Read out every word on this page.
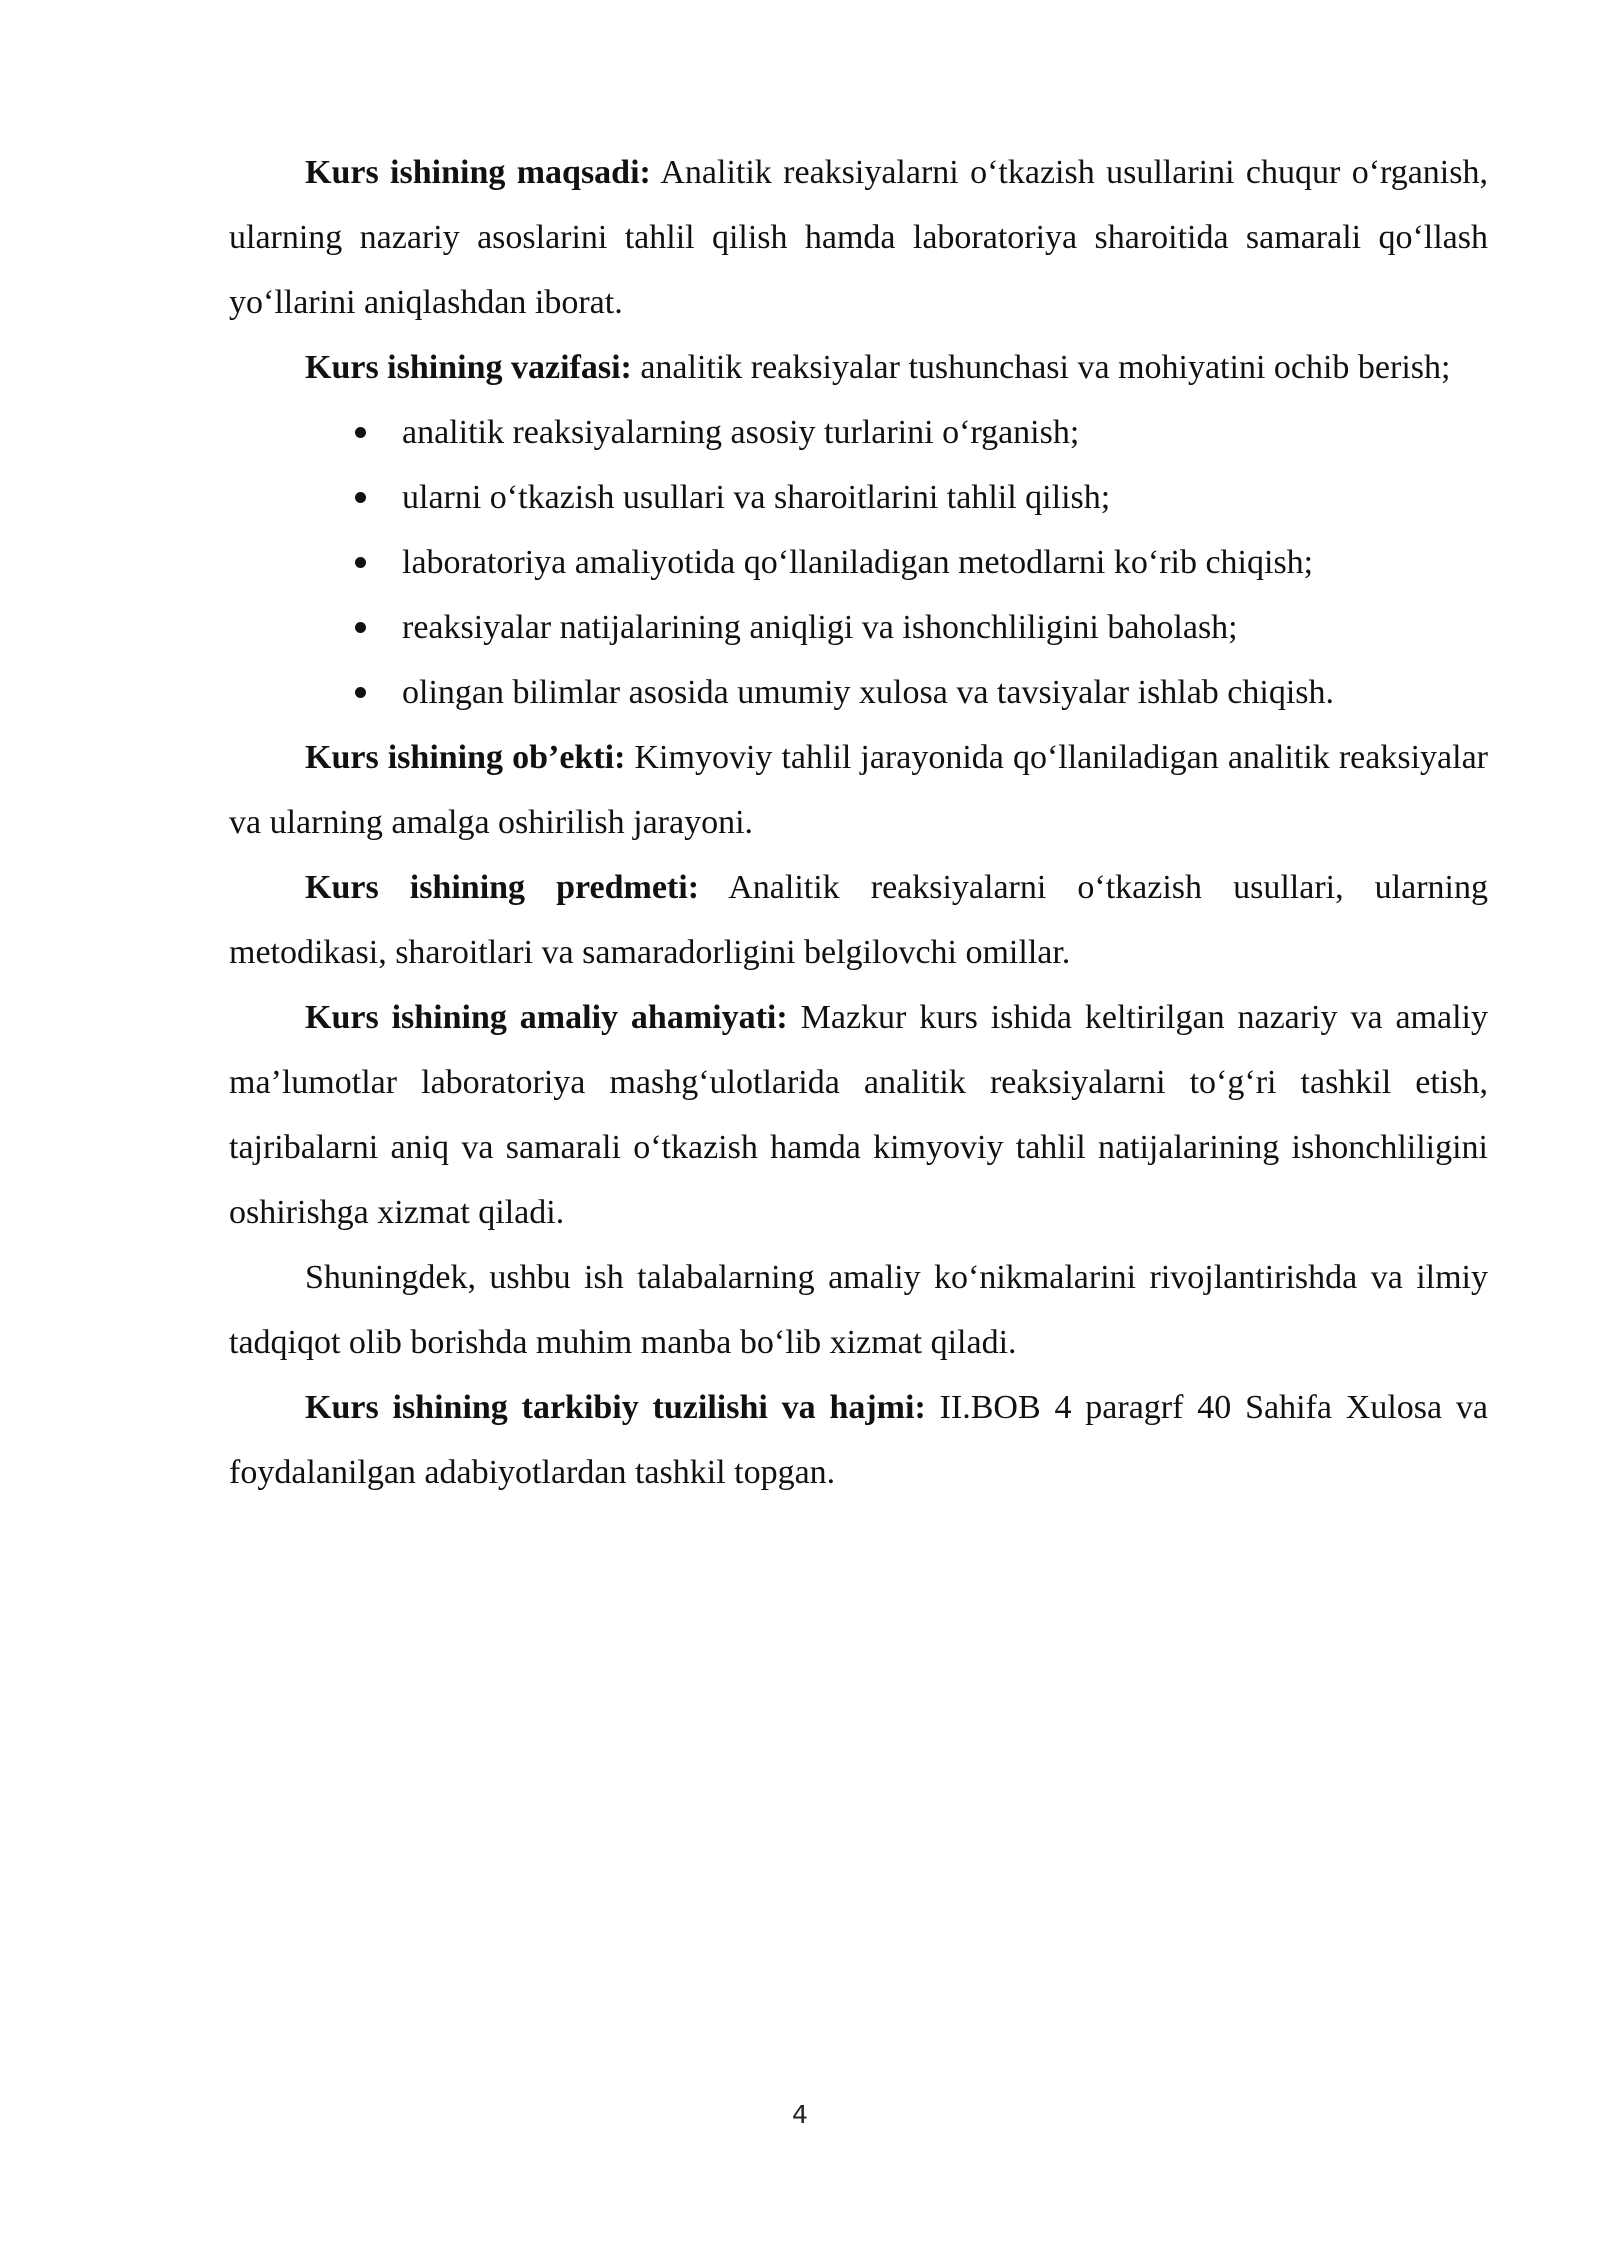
Kurs ishining maqsadi: Analitik reaksiyalarni oʻtkazish usullarini chuqur oʻrganish, ularning nazariy asoslarini tahlil qilish hamda laboratoriya sharoitida samarali qoʻllash yoʻllarini aniqlashdan iborat.

Kurs ishining vazifasi: analitik reaksiyalar tushunchasi va mohiyatini ochib berish;

analitik reaksiyalarning asosiy turlarini oʻrganish;
ularni oʻtkazish usullari va sharoitlarini tahlil qilish;
laboratoriya amaliyotida qoʻllaniladigan metodlarni koʻrib chiqish;
reaksiyalar natijalarining aniqligi va ishonchliligini baholash;
olingan bilimlar asosida umumiy xulosa va tavsiyalar ishlab chiqish.

Kurs ishining ob’ekti: Kimyoviy tahlil jarayonida qoʻllaniladigan analitik reaksiyalar va ularning amalga oshirilish jarayoni.

Kurs ishining predmeti: Analitik reaksiyalarni oʻtkazish usullari, ularning metodikasi, sharoitlari va samaradorligini belgilovchi omillar.

Kurs ishining amaliy ahamiyati: Mazkur kurs ishida keltirilgan nazariy va amaliy ma’lumotlar laboratoriya mashgʻulotlarida analitik reaksiyalarni toʻgʻri tashkil etish, tajribalarni aniq va samarali oʻtkazish hamda kimyoviy tahlil natijalarining ishonchliligini oshirishga xizmat qiladi.

Shuningdek, ushbu ish talabalarning amaliy koʻnikmalarini rivojlantirishda va ilmiy tadqiqot olib borishda muhim manba boʻlib xizmat qiladi.

Kurs ishining tarkibiy tuzilishi va hajmi: II.BOB 4 paragrf 40 Sahifa Xulosa va foydalanilgan adabiyotlardan tashkil topgan.

4
